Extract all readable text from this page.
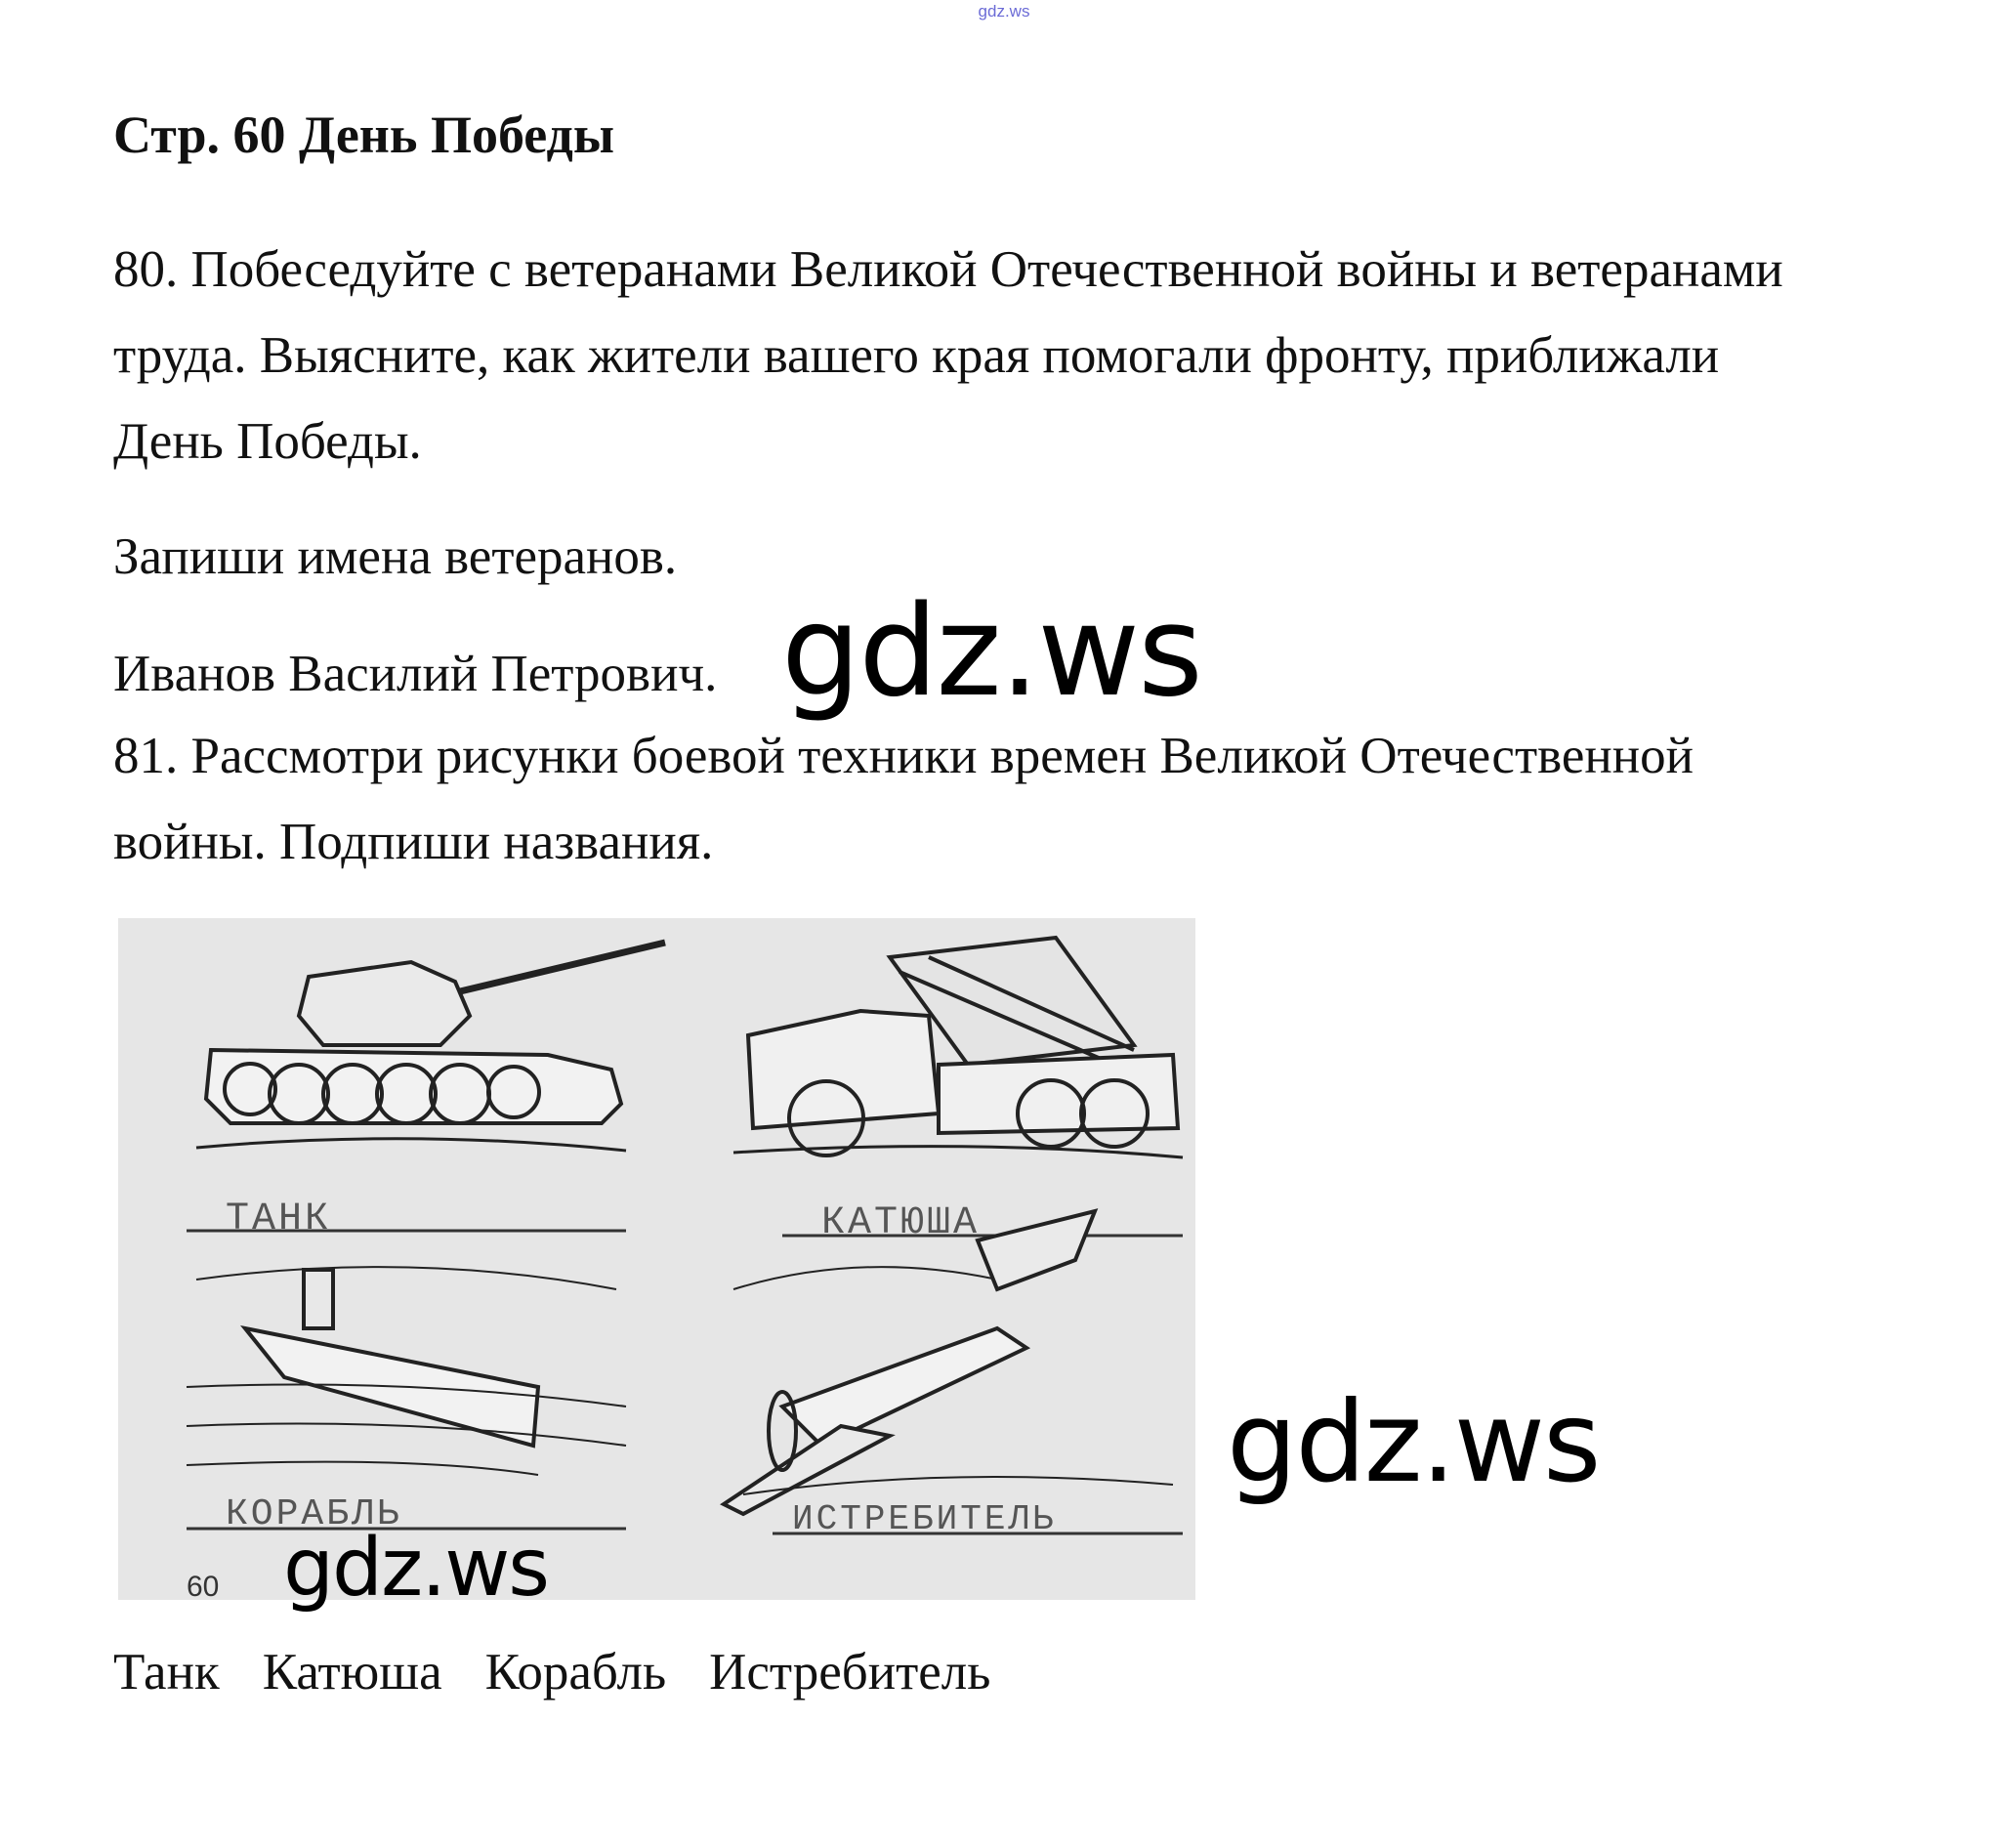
gdz.ws
Стр. 60 День Победы

80. Побеседуйте с ветеранами Великой Отечественной войны и ветеранами труда. Выясните, как жители вашего края помогали фронту, приближали День Победы.

Запиши имена ветеранов.

Иванов Василий Петрович.

81. Рассмотри рисунки боевой техники времен Великой Отечественной войны. Подпиши названия.

gdz.ws
ТАНК	КАТЮША
КОРАБЛЬ	ИСТРЕБИТЕЛЬ
60
gdz.ws
gdz.ws
Танк Катюша Корабль Истребитель
